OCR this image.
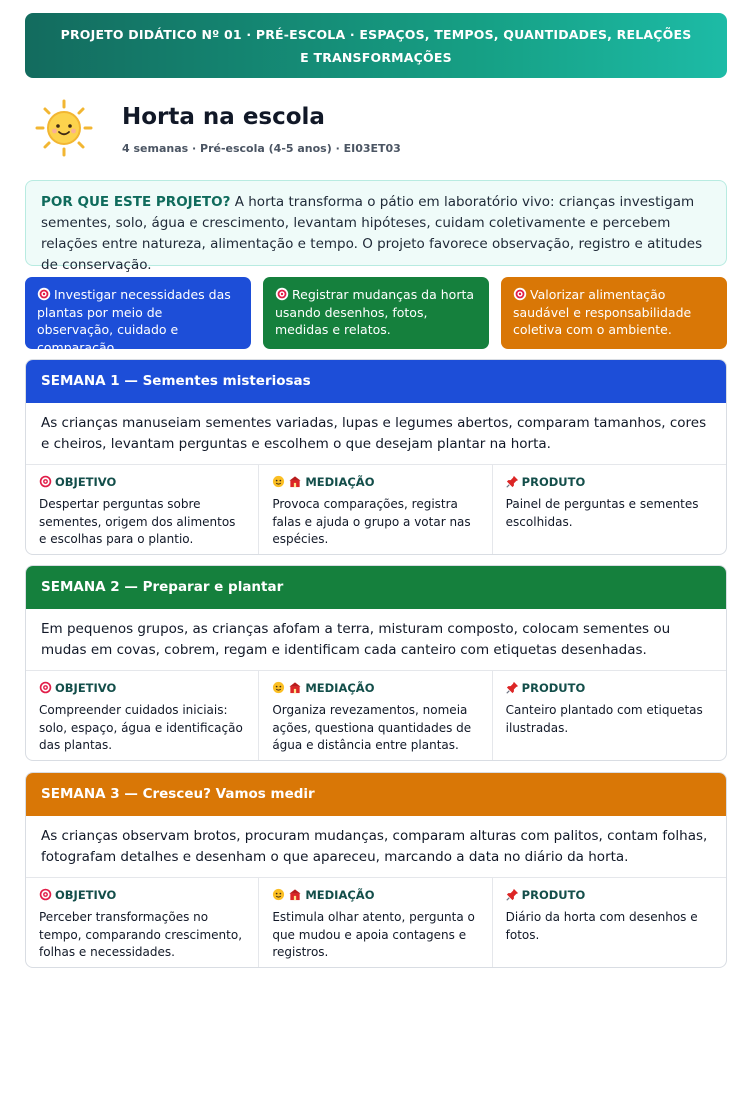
PROJETO DIDÁTICO Nº 01 · PRÉ-ESCOLA · ESPAÇOS, TEMPOS, QUANTIDADES, RELAÇÕES E TRANSFORMAÇÕES
Horta na escola
4 semanas · Pré-escola (4-5 anos) · EI03ET03
POR QUE ESTE PROJETO? A horta transforma o pátio em laboratório vivo: crianças investigam sementes, solo, água e crescimento, levantam hipóteses, cuidam coletivamente e percebem relações entre natureza, alimentação e tempo. O projeto favorece observação, registro e atitudes de conservação.
Investigar necessidades das plantas por meio de observação, cuidado e comparação.
Registrar mudanças da horta usando desenhos, fotos, medidas e relatos.
Valorizar alimentação saudável e responsabilidade coletiva com o ambiente.
SEMANA 1 — Sementes misteriosas
As crianças manuseiam sementes variadas, lupas e legumes abertos, comparam tamanhos, cores e cheiros, levantam perguntas e escolhem o que desejam plantar na horta.
OBJETIVO
Despertar perguntas sobre sementes, origem dos alimentos e escolhas para o plantio.
MEDIAÇÃO
Provoca comparações, registra falas e ajuda o grupo a votar nas espécies.
PRODUTO
Painel de perguntas e sementes escolhidas.
SEMANA 2 — Preparar e plantar
Em pequenos grupos, as crianças afofam a terra, misturam composto, colocam sementes ou mudas em covas, cobrem, regam e identificam cada canteiro com etiquetas desenhadas.
OBJETIVO
Compreender cuidados iniciais: solo, espaço, água e identificação das plantas.
MEDIAÇÃO
Organiza revezamentos, nomeia ações, questiona quantidades de água e distância entre plantas.
PRODUTO
Canteiro plantado com etiquetas ilustradas.
SEMANA 3 — Cresceu? Vamos medir
As crianças observam brotos, procuram mudanças, comparam alturas com palitos, contam folhas, fotografam detalhes e desenham o que apareceu, marcando a data no diário da horta.
OBJETIVO
Perceber transformações no tempo, comparando crescimento, folhas e necessidades.
MEDIAÇÃO
Estimula olhar atento, pergunta o que mudou e apoia contagens e registros.
PRODUTO
Diário da horta com desenhos e fotos.
